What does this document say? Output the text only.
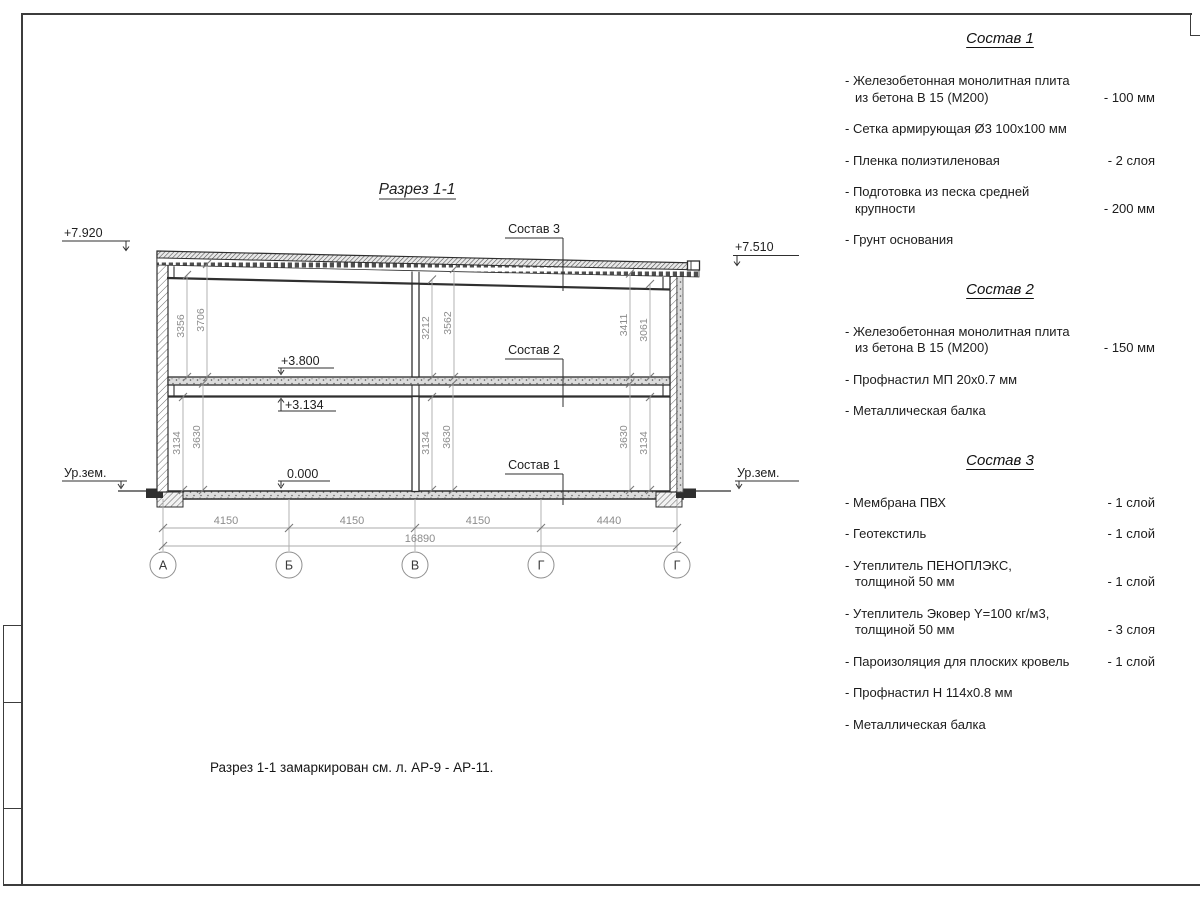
Разрез 1-1
3356 3706	3212 3562	3411 3061
3134 3630	3134 3630	3630 3134
+7.920
+7.510
+3.800
+3.134
0.000
Ур.зем.	Ур.зем.
Состав 3
Состав 2
Состав 1
4150	4150	4150	4440
16890
А	Б	В	Г	Г
Состав 1
- Железобетонная монолитная плита
из бетона В 15 (М200)	- 100 мм
- Сетка армирующая Ø3 100x100 мм
- Пленка полиэтиленовая	- 2 слоя
- Подготовка из песка средней
крупности	- 200 мм
- Грунт основания
Состав 2
- Железобетонная монолитная плита
из бетона В 15 (М200)	- 150 мм
- Профнастил МП 20x0.7 мм
- Металлическая балка
Состав 3
- Мембрана ПВХ	- 1 слой
- Геотекстиль	- 1 слой
- Утеплитель ПЕНОПЛЭКС,
толщиной 50 мм	- 1 слой
- Утеплитель Эковер Y=100 кг/м3,
толщиной 50 мм	- 3 слоя
- Пароизоляция для плоских кровель	- 1 слой
- Профнастил Н 114x0.8 мм
- Металлическая балка
Разрез 1-1 замаркирован см. л. АР-9 - АР-11.
